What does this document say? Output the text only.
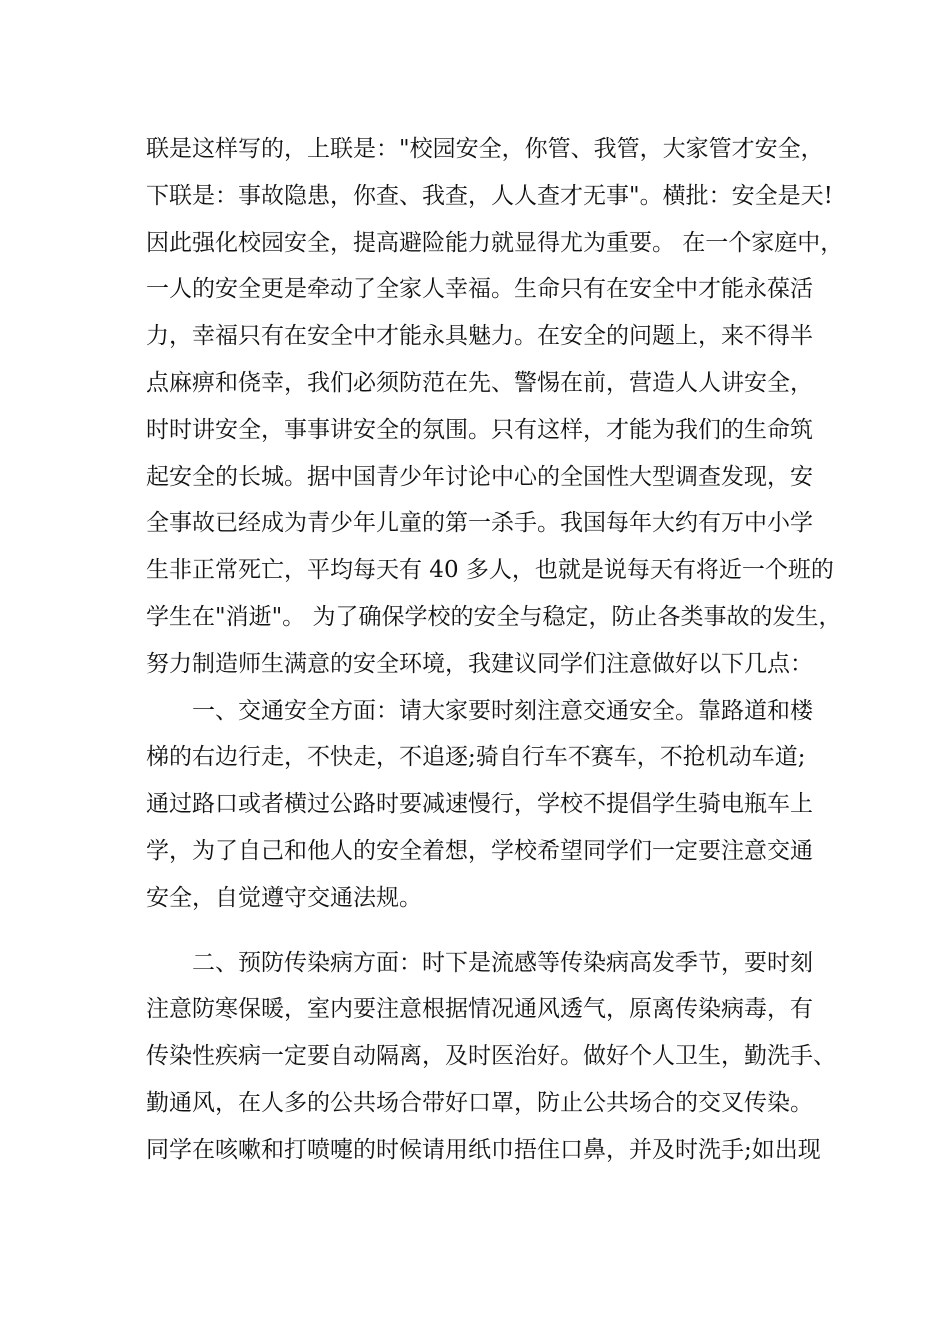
联是这样写的，上联是："校园安全，你管、我管，大家管才安全，
下联是：事故隐患，你查、我查，人人查才无事"。横批：安全是天!
因此强化校园安全，提高避险能力就显得尤为重要。 在一个家庭中，
一人的安全更是牵动了全家人幸福。生命只有在安全中才能永葆活
力，幸福只有在安全中才能永具魅力。在安全的问题上，来不得半
点麻痹和侥幸，我们必须防范在先、警惕在前，营造人人讲安全，
时时讲安全，事事讲安全的氛围。只有这样，才能为我们的生命筑
起安全的长城。据中国青少年讨论中心的全国性大型调查发现，安
全事故已经成为青少年儿童的第一杀手。我国每年大约有万中小学
生非正常死亡，平均每天有 40 多人，也就是说每天有将近一个班的
学生在"消逝"。 为了确保学校的安全与稳定，防止各类事故的发生，
努力制造师生满意的安全环境，我建议同学们注意做好以下几点：
一、交通安全方面：请大家要时刻注意交通安全。靠路道和楼
梯的右边行走，不快走，不追逐;骑自行车不赛车，不抢机动车道;
通过路口或者横过公路时要减速慢行，学校不提倡学生骑电瓶车上
学，为了自己和他人的安全着想，学校希望同学们一定要注意交通
安全，自觉遵守交通法规。
二、预防传染病方面：时下是流感等传染病高发季节，要时刻
注意防寒保暖，室内要注意根据情况通风透气，原离传染病毒，有
传染性疾病一定要自动隔离，及时医治好。做好个人卫生，勤洗手、
勤通风，在人多的公共场合带好口罩，防止公共场合的交叉传染。
同学在咳嗽和打喷嚏的时候请用纸巾捂住口鼻，并及时洗手;如出现
